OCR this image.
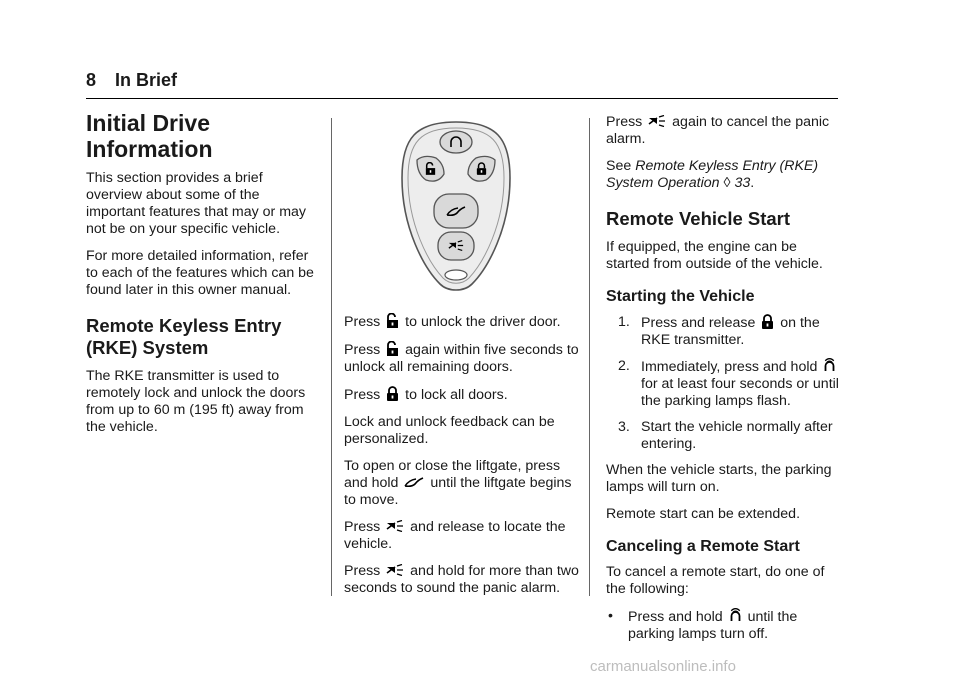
8 In Brief
Initial Drive
Information

This section provides a brief overview about some of the important features that may or may not be on your specific vehicle.

For more detailed information, refer to each of the features which can be found later in this owner manual.

Remote Keyless Entry
(RKE) System

The RKE transmitter is used to remotely lock and unlock the doors from up to 60 m (195 ft) away from the vehicle.

Press to unlock the driver door.

Press again within five seconds to unlock all remaining doors.

Press to lock all doors.

Lock and unlock feedback can be personalized.

To open or close the liftgate, press and hold until the liftgate begins to move.

Press and release to locate the vehicle.

Press and hold for more than two seconds to sound the panic alarm.

Press again to cancel the panic alarm.

See Remote Keyless Entry (RKE) System Operation ◊ 33.

Remote Vehicle Start

If equipped, the engine can be started from outside of the vehicle.

Starting the Vehicle
1. Press and release on the RKE transmitter.
2. Immediately, press and hold  for at least four seconds or until the parking lamps flash.
3. Start the vehicle normally after entering.

When the vehicle starts, the parking lamps will turn on.

Remote start can be extended.

Canceling a Remote Start

To cancel a remote start, do one of the following:

• Press and hold until the parking lamps turn off.
carmanualsonline.info
